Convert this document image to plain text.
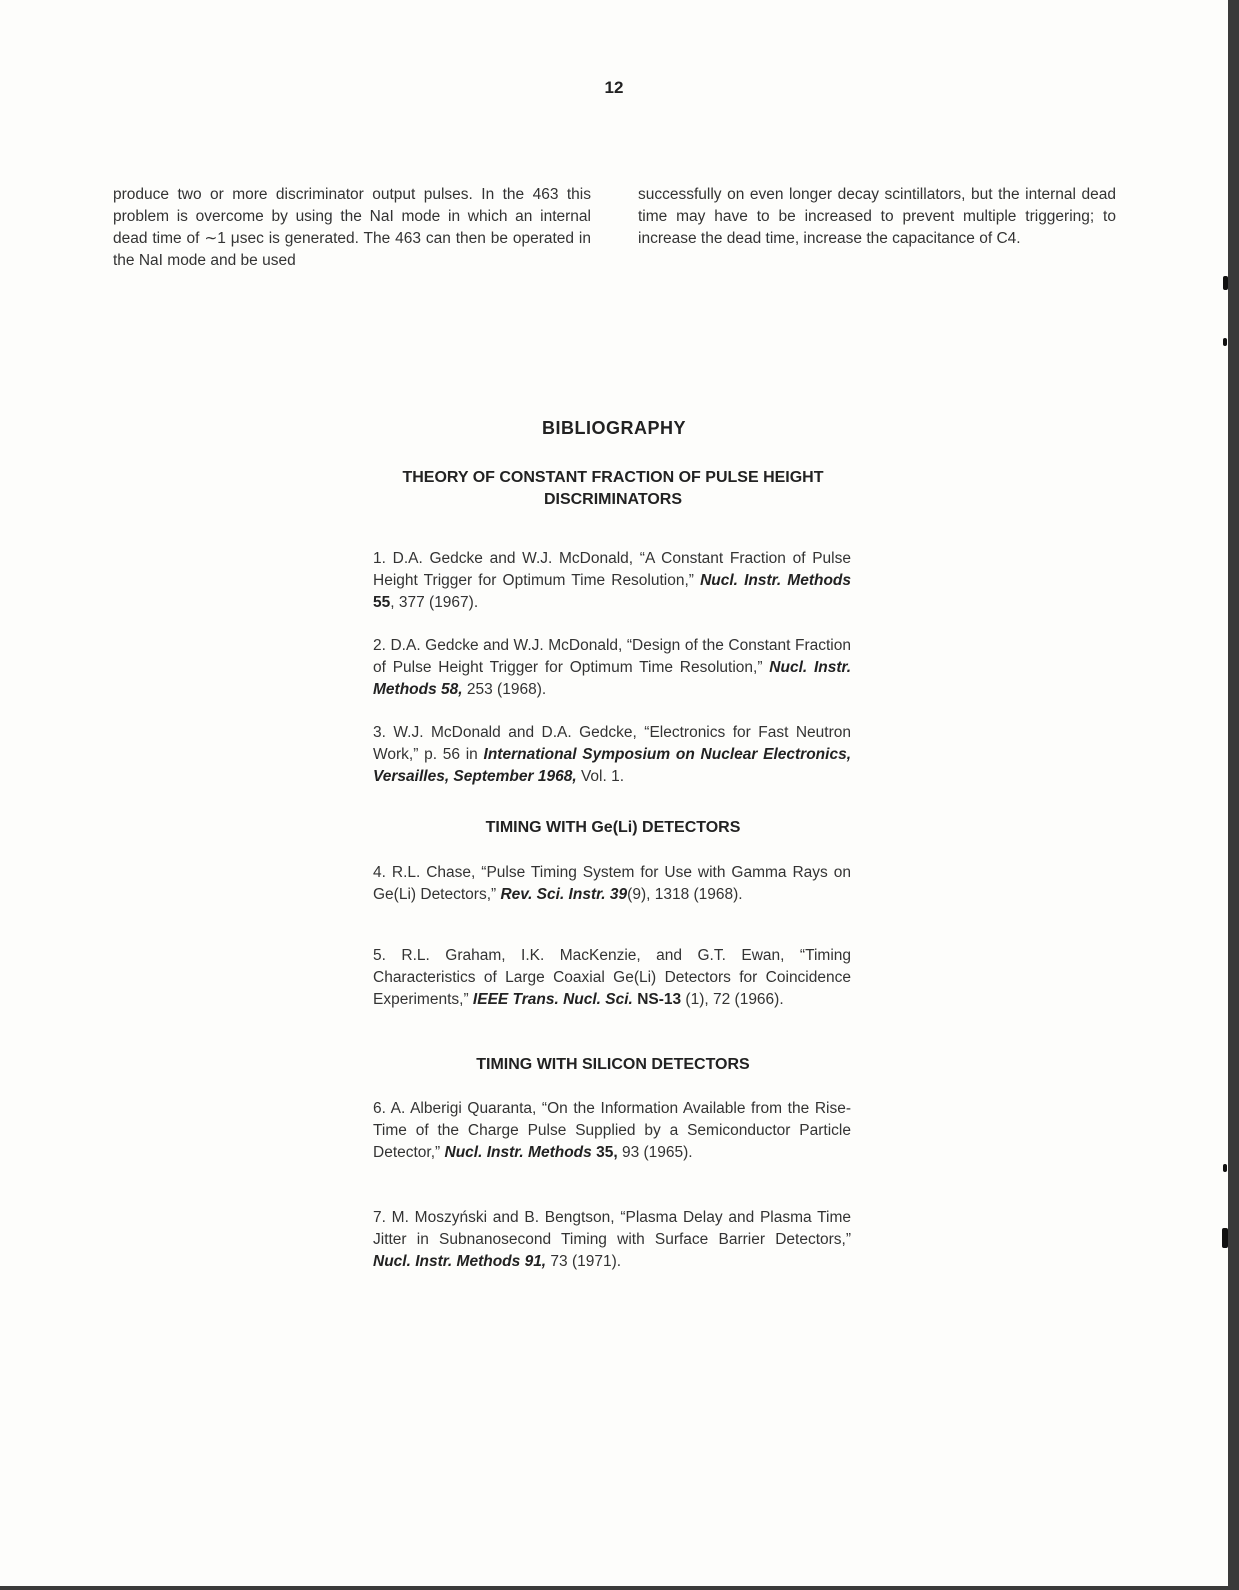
12

produce two or more discriminator output pulses. In the 463 this problem is overcome by using the NaI mode in which an internal dead time of ∼1 μsec is generated. The 463 can then be operated in the NaI mode and be used

successfully on even longer decay scintillators, but the internal dead time may have to be increased to prevent multiple triggering; to increase the dead time, increase the capacitance of C4.

BIBLIOGRAPHY
THEORY OF CONSTANT FRACTION OF PULSE HEIGHT DISCRIMINATORS

1. D.A. Gedcke and W.J. McDonald, “A Constant Fraction of Pulse Height Trigger for Optimum Time Resolution,” Nucl. Instr. Methods 55, 377 (1967).

2. D.A. Gedcke and W.J. McDonald, “Design of the Constant Fraction of Pulse Height Trigger for Optimum Time Resolution,” Nucl. Instr. Methods 58, 253 (1968).

3. W.J. McDonald and D.A. Gedcke, “Electronics for Fast Neutron Work,” p. 56 in International Symposium on Nuclear Electronics, Versailles, September 1968, Vol. 1.

TIMING WITH Ge(Li) DETECTORS

4. R.L. Chase, “Pulse Timing System for Use with Gamma Rays on Ge(Li) Detectors,” Rev. Sci. Instr. 39(9), 1318 (1968).

5. R.L. Graham, I.K. MacKenzie, and G.T. Ewan, “Timing Characteristics of Large Coaxial Ge(Li) Detectors for Coincidence Experiments,” IEEE Trans. Nucl. Sci. NS-13 (1), 72 (1966).

TIMING WITH SILICON DETECTORS

6. A. Alberigi Quaranta, “On the Information Available from the Rise-Time of the Charge Pulse Supplied by a Semiconductor Particle Detector,” Nucl. Instr. Methods 35, 93 (1965).

7. M. Moszyński and B. Bengtson, “Plasma Delay and Plasma Time Jitter in Subnanosecond Timing with Surface Barrier Detectors,” Nucl. Instr. Methods 91, 73 (1971).
